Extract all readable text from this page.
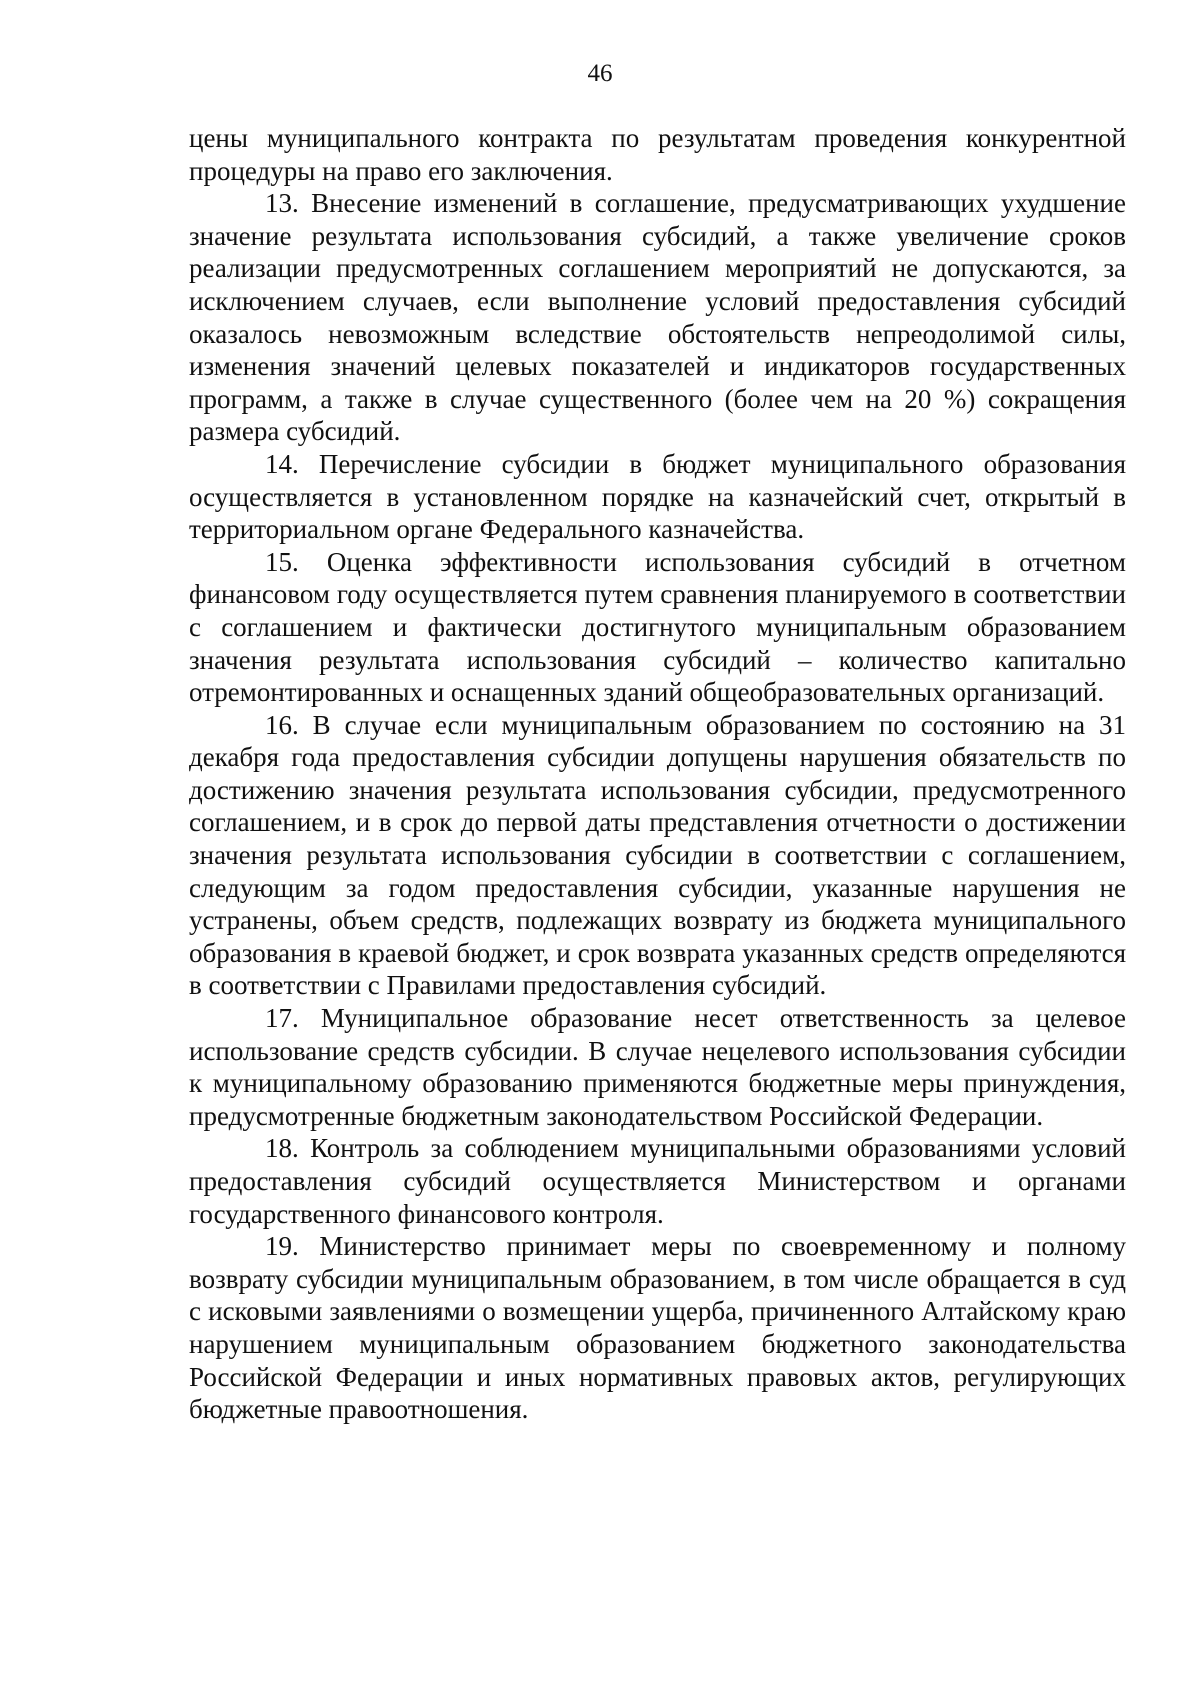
46

цены муниципального контракта по результатам проведения конкурентной процедуры на право его заключения.

13. Внесение изменений в соглашение, предусматривающих ухудшение значение результата использования субсидий, а также увеличение сроков реализации предусмотренных соглашением мероприятий не допускаются, за исключением случаев, если выполнение условий предоставления субсидий оказалось невозможным вследствие обстоятельств непреодолимой силы, изменения значений целевых показателей и индикаторов государственных программ, а также в случае существенного (более чем на 20 %) сокращения размера субсидий.

14. Перечисление субсидии в бюджет муниципального образования осуществляется в установленном порядке на казначейский счет, открытый в территориальном органе Федерального казначейства.

15. Оценка эффективности использования субсидий в отчетном финансовом году осуществляется путем сравнения планируемого в соответствии с соглашением и фактически достигнутого муниципальным образованием значения результата использования субсидий – количество капитально отремонтированных и оснащенных зданий общеобразовательных организаций.

16. В случае если муниципальным образованием по состоянию на 31 декабря года предоставления субсидии допущены нарушения обязательств по достижению значения результата использования субсидии, предусмотренного соглашением, и в срок до первой даты представления отчетности о достижении значения результата использования субсидии в соответствии с соглашением, следующим за годом предоставления субсидии, указанные нарушения не устранены, объем средств, подлежащих возврату из бюджета муниципального образования в краевой бюджет, и срок возврата указанных средств определяются в соответствии с Правилами предоставления субсидий.

17. Муниципальное образование несет ответственность за целевое использование средств субсидии. В случае нецелевого использования субсидии к муниципальному образованию применяются бюджетные меры принуждения, предусмотренные бюджетным законодательством Российской Федерации.

18. Контроль за соблюдением муниципальными образованиями условий предоставления субсидий осуществляется Министерством и органами государственного финансового контроля.

19. Министерство принимает меры по своевременному и полному возврату субсидии муниципальным образованием, в том числе обращается в суд с исковыми заявлениями о возмещении ущерба, причиненного Алтайскому краю нарушением муниципальным образованием бюджетного законодательства Российской Федерации и иных нормативных правовых актов, регулирующих бюджетные правоотношения.
